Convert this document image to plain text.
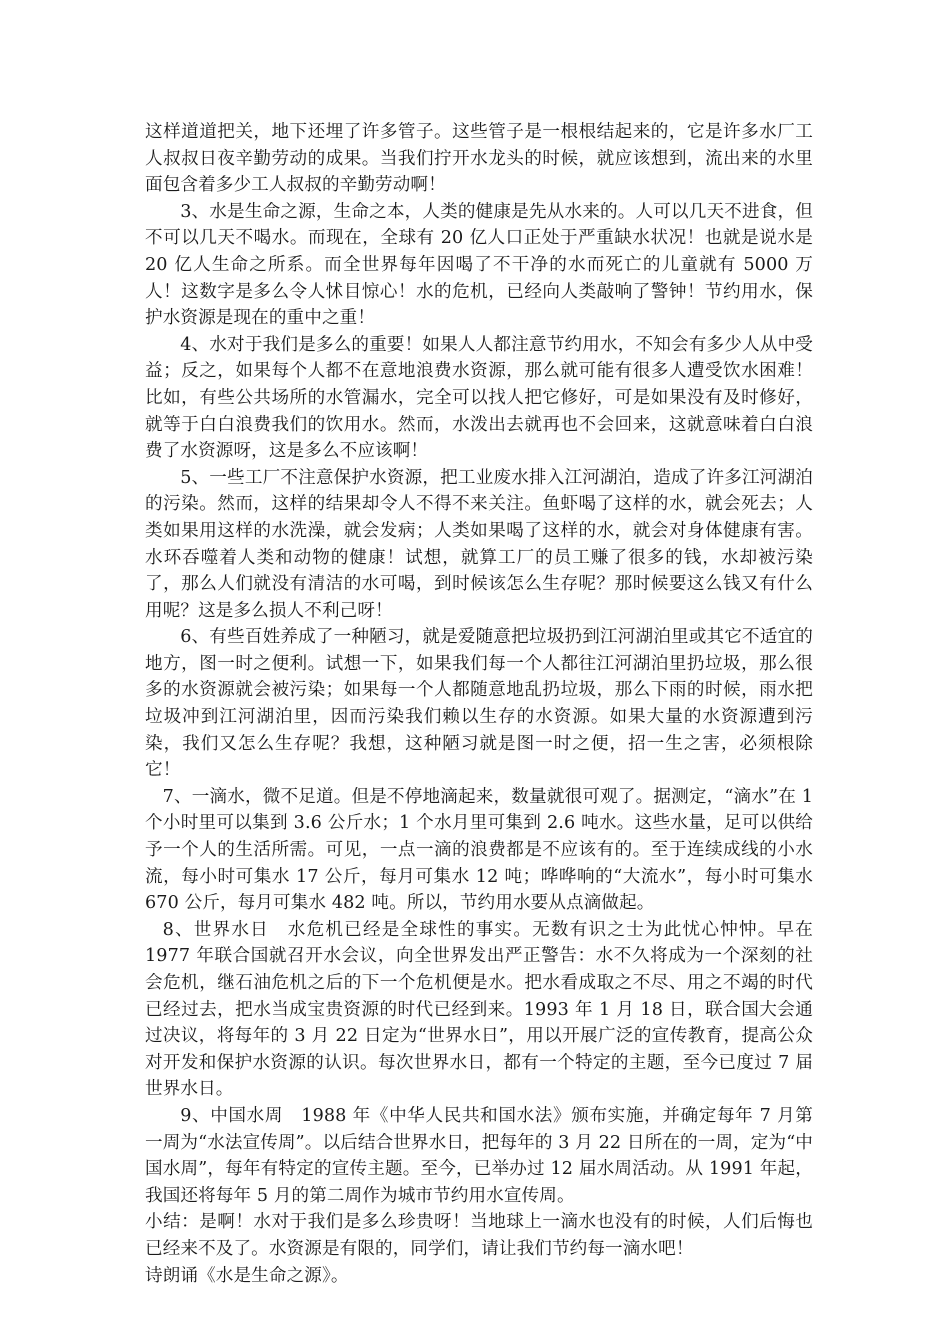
这样道道把关，地下还埋了许多管子。这些管子是一根根结起来的，它是许多水厂工人叔叔日夜辛勤劳动的成果。当我们拧开水龙头的时候，就应该想到，流出来的水里面包含着多少工人叔叔的辛勤劳动啊！

3、水是生命之源，生命之本，人类的健康是先从水来的。人可以几天不进食，但不可以几天不喝水。而现在，全球有 20 亿人口正处于严重缺水状况！也就是说水是 20 亿人生命之所系。而全世界每年因喝了不干净的水而死亡的儿童就有 5000 万人！这数字是多么令人怵目惊心！水的危机，已经向人类敲响了警钟！节约用水，保护水资源是现在的重中之重！

4、水对于我们是多么的重要！如果人人都注意节约用水，不知会有多少人从中受益；反之，如果每个人都不在意地浪费水资源，那么就可能有很多人遭受饮水困难！比如，有些公共场所的水管漏水，完全可以找人把它修好，可是如果没有及时修好，就等于白白浪费我们的饮用水。然而，水泼出去就再也不会回来，这就意味着白白浪费了水资源呀，这是多么不应该啊！

5、一些工厂不注意保护水资源，把工业废水排入江河湖泊，造成了许多江河湖泊的污染。然而，这样的结果却令人不得不来关注。鱼虾喝了这样的水，就会死去；人类如果用这样的水洗澡，就会发病；人类如果喝了这样的水，就会对身体健康有害。水环吞噬着人类和动物的健康！试想，就算工厂的员工赚了很多的钱，水却被污染了，那么人们就没有清洁的水可喝，到时候该怎么生存呢？那时候要这么钱又有什么用呢？这是多么损人不利己呀！

6、有些百姓养成了一种陋习，就是爱随意把垃圾扔到江河湖泊里或其它不适宜的地方，图一时之便利。试想一下，如果我们每一个人都往江河湖泊里扔垃圾，那么很多的水资源就会被污染；如果每一个人都随意地乱扔垃圾，那么下雨的时候，雨水把垃圾冲到江河湖泊里，因而污染我们赖以生存的水资源。如果大量的水资源遭到污染，我们又怎么生存呢？我想，这种陋习就是图一时之便，招一生之害，必须根除它！

7、一滴水，微不足道。但是不停地滴起来，数量就很可观了。据测定，“滴水”在 1 个小时里可以集到 3.6 公斤水；1 个水月里可集到 2.6 吨水。这些水量，足可以供给予一个人的生活所需。可见，一点一滴的浪费都是不应该有的。至于连续成线的小水流，每小时可集水 17 公斤，每月可集水 12 吨；哗哗响的“大流水”，每小时可集水 670 公斤，每月可集水 482 吨。所以，节约用水要从点滴做起。

8、世界水日　水危机已经是全球性的事实。无数有识之士为此忧心忡忡。早在 1977 年联合国就召开水会议，向全世界发出严正警告：水不久将成为一个深刻的社会危机，继石油危机之后的下一个危机便是水。把水看成取之不尽、用之不竭的时代已经过去，把水当成宝贵资源的时代已经到来。1993 年 1 月 18 日，联合国大会通过决议，将每年的 3 月 22 日定为“世界水日”，用以开展广泛的宣传教育，提高公众对开发和保护水资源的认识。每次世界水日，都有一个特定的主题，至今已度过 7 届世界水日。

9、中国水周　1988 年《中华人民共和国水法》颁布实施，并确定每年 7 月第一周为“水法宣传周”。以后结合世界水日，把每年的 3 月 22 日所在的一周，定为“中国水周”，每年有特定的宣传主题。至今，已举办过 12 届水周活动。从 1991 年起，我国还将每年 5 月的第二周作为城市节约用水宣传周。

小结：是啊！水对于我们是多么珍贵呀！当地球上一滴水也没有的时候，人们后悔也已经来不及了。水资源是有限的，同学们，请让我们节约每一滴水吧！

诗朗诵《水是生命之源》。
